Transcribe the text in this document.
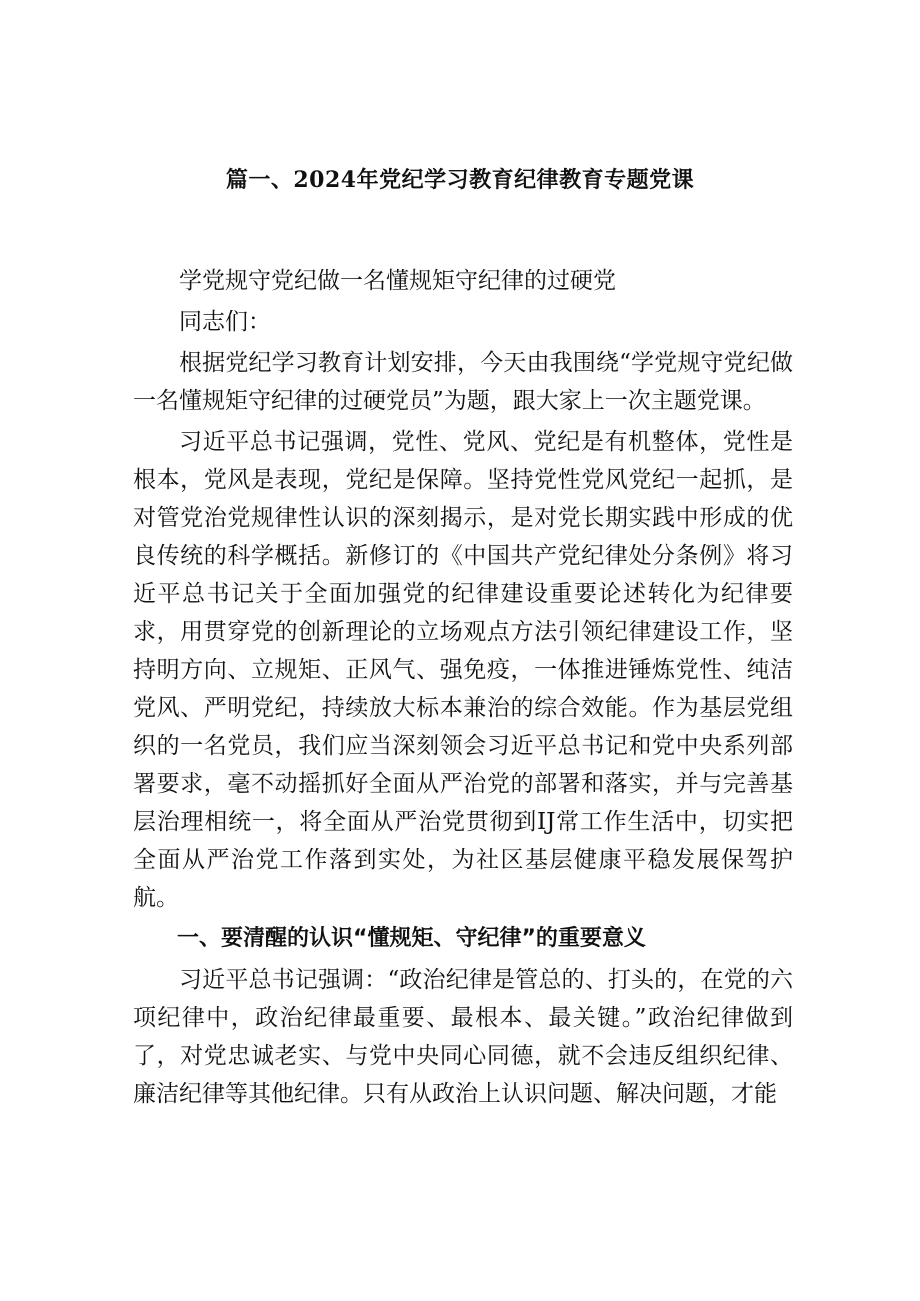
篇一、2024年党纪学习教育纪律教育专题党课

学党规守党纪做一名懂规矩守纪律的过硬党

同志们：

根据党纪学习教育计划安排，今天由我围绕“学党规守党纪做一名懂规矩守纪律的过硬党员”为题，跟大家上一次主题党课。

习近平总书记强调，党性、党风、党纪是有机整体，党性是根本，党风是表现，党纪是保障。坚持党性党风党纪一起抓，是对管党治党规律性认识的深刻揭示，是对党长期实践中形成的优良传统的科学概括。新修订的《中国共产党纪律处分条例》将习近平总书记关于全面加强党的纪律建设重要论述转化为纪律要求，用贯穿党的创新理论的立场观点方法引领纪律建设工作，坚持明方向、立规矩、正风气、强免疫，一体推进锤炼党性、纯洁党风、严明党纪，持续放大标本兼治的综合效能。作为基层党组织的一名党员，我们应当深刻领会习近平总书记和党中央系列部署要求，毫不动摇抓好全面从严治党的部署和落实，并与完善基层治理相统一，将全面从严治党贯彻到IJ常工作生活中，切实把全面从严治党工作落到实处，为社区基层健康平稳发展保驾护航。

一、要清醒的认识“懂规矩、守纪律”的重要意义

习近平总书记强调：“政治纪律是管总的、打头的，在党的六项纪律中，政治纪律最重要、最根本、最关键。”政治纪律做到了，对党忠诚老实、与党中央同心同德，就不会违反组织纪律、廉洁纪律等其他纪律。只有从政治上认识问题、解决问题，才能
